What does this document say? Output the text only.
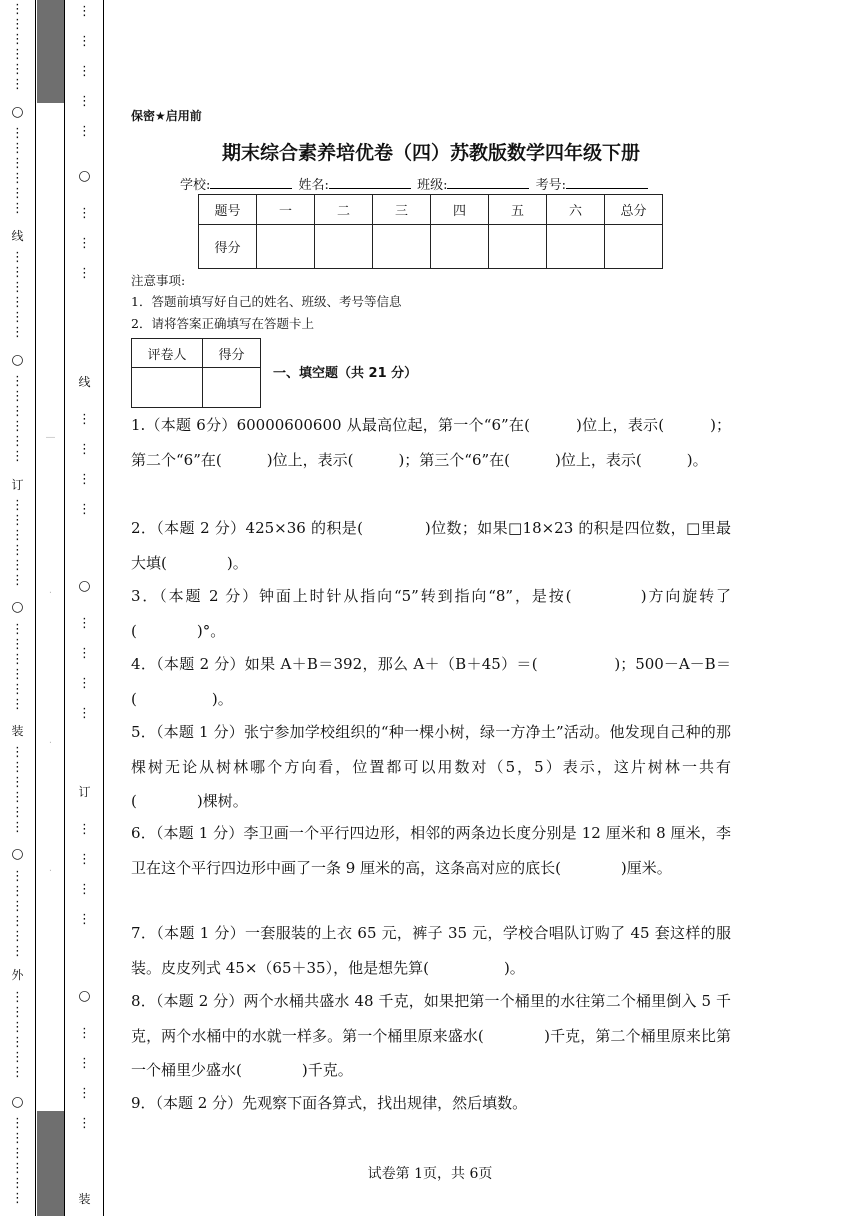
⋮
⋮
⋮
⋮
⋮
⋮
○
⋮
⋮
⋮
⋮
⋮
⋮
线
⋮
⋮
⋮
⋮
⋮
⋮
○
⋮
⋮
⋮
⋮
⋮
⋮
订
⋮
⋮
⋮
⋮
⋮
⋮
○
⋮
⋮
⋮
⋮
⋮
⋮
装
⋮
⋮
⋮
⋮
⋮
⋮
○
⋮
⋮
⋮
⋮
⋮
⋮
外
⋮
⋮
⋮
⋮
⋮
⋮
○
⋮
⋮
⋮
⋮
⋮
⋮
—
·
·
·
⋮

⋮

⋮

⋮

⋮
○
⋮

⋮

⋮
线
⋮

⋮

⋮

⋮
○
⋮

⋮

⋮

⋮
订
⋮

⋮

⋮

⋮
○
⋮

⋮

⋮

⋮
装
保密★启用前
期末综合素养培优卷（四）苏教版数学四年级下册
学校:	姓名:	班级:	考号:
题号	一	二	三	四	五	六	总分
得分							
注意事项:
1．答题前填写好自己的姓名、班级、考号等信息
2．请将答案正确填写在答题卡上
评卷人	得分

一、填空题（共 21 分）
1.（本题 6分）60000600600 从最高位起，第一个“6”在(　　　)位上，表示(　　　)；第二个“6”在(　　　)位上，表示(　　　)；第三个“6”在(　　　)位上，表示(　　　)。
2．（本题 2 分）425×36 的积是(　　　　)位数；如果□18×23 的积是四位数，□里最大填(　　　　)。
3．（本题 2 分）钟面上时针从指向“5”转到指向“8”，是按(　　　　)方向旋转了(　　　　)°。
4．（本题 2 分）如果 A＋B＝392，那么 A＋（B＋45）＝(　　　　　)；500－A－B＝(　　　　　)。
5．（本题 1 分）张宁参加学校组织的“种一棵小树，绿一方净土”活动。他发现自己种的那棵树无论从树林哪个方向看，位置都可以用数对（5，5）表示，这片树林一共有(　　　　)棵树。
6．（本题 1 分）李卫画一个平行四边形，相邻的两条边长度分别是 12 厘米和 8 厘米，李卫在这个平行四边形中画了一条 9 厘米的高，这条高对应的底长(　　　　)厘米。
7．（本题 1 分）一套服装的上衣 65 元，裤子 35 元，学校合唱队订购了 45 套这样的服装。皮皮列式 45×（65＋35），他是想先算(　　　　　)。
8．（本题 2 分）两个水桶共盛水 48 千克，如果把第一个桶里的水往第二个桶里倒入 5 千克，两个水桶中的水就一样多。第一个桶里原来盛水(　　　　)千克，第二个桶里原来比第一个桶里少盛水(　　　　)千克。
9．（本题 2 分）先观察下面各算式，找出规律，然后填数。
试卷第 1页，共 6页
